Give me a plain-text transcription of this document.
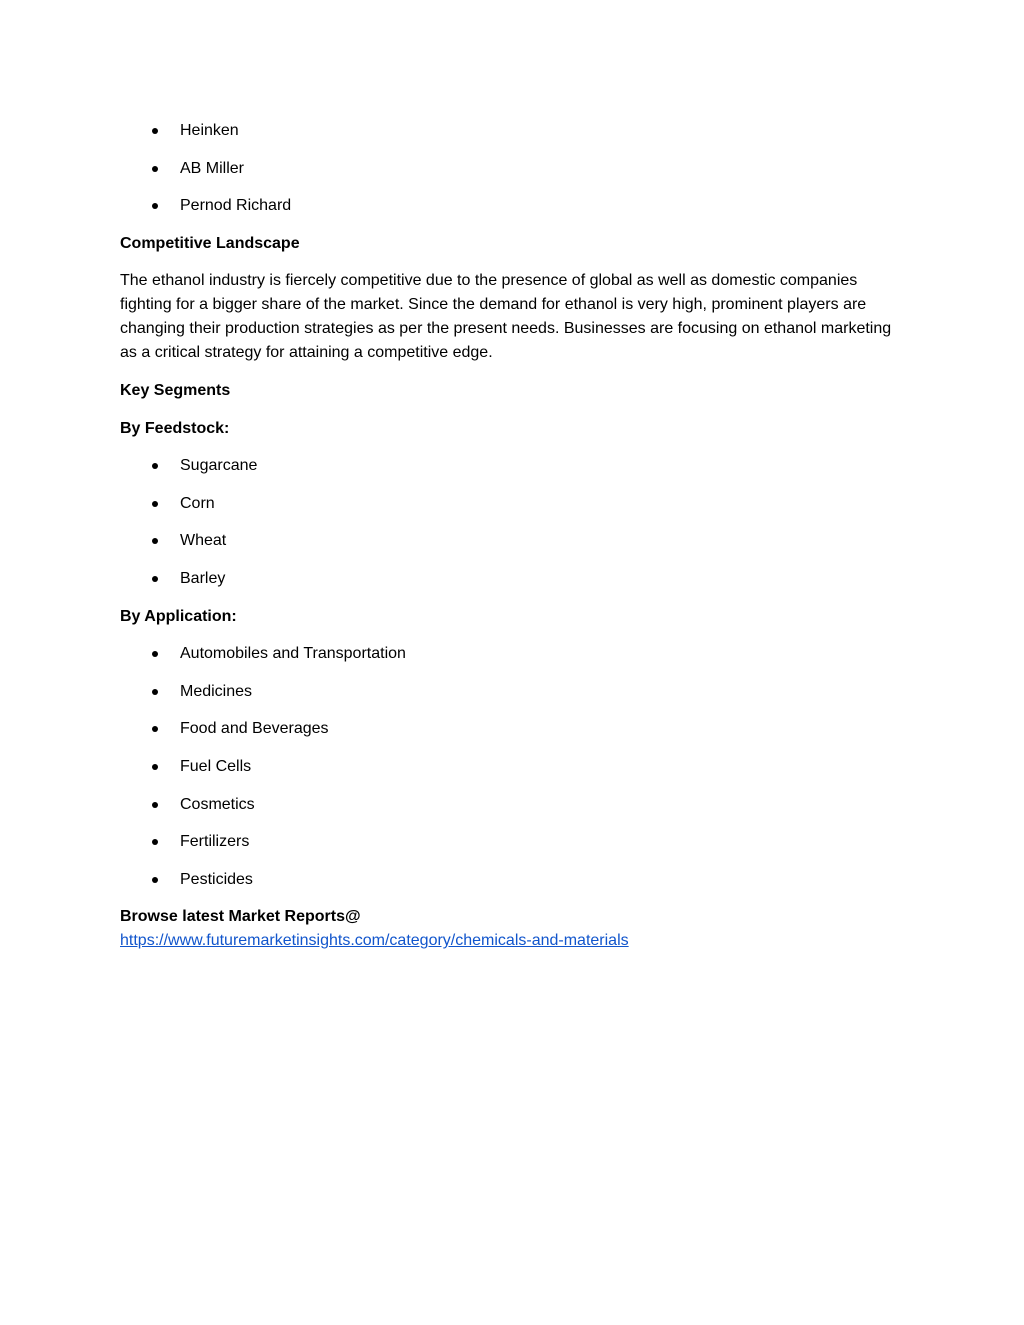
Heinken
AB Miller
Pernod Richard
Competitive Landscape

The ethanol industry is fiercely competitive due to the presence of global as well as domestic companies fighting for a bigger share of the market. Since the demand for ethanol is very high, prominent players are changing their production strategies as per the present needs. Businesses are focusing on ethanol marketing as a critical strategy for attaining a competitive edge.

Key Segments
By Feedstock:
Sugarcane
Corn
Wheat
Barley
By Application:
Automobiles and Transportation
Medicines
Food and Beverages
Fuel Cells
Cosmetics
Fertilizers
Pesticides

Browse latest Market Reports@

https://www.futuremarketinsights.com/category/chemicals-and-materials
